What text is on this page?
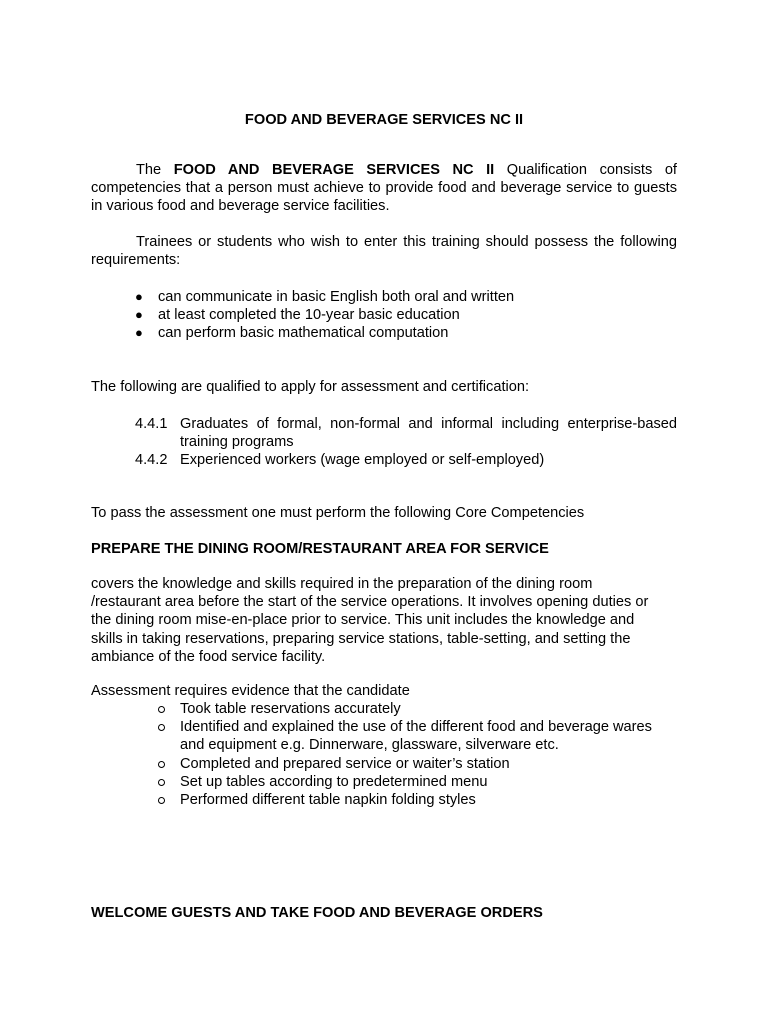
FOOD AND BEVERAGE SERVICES NC II

The FOOD AND BEVERAGE SERVICES NC II Qualification consists of competencies that a person must achieve to provide food and beverage service to guests in various food and beverage service facilities.

Trainees or students who wish to enter this training should possess the following requirements:

● can communicate in basic English both oral and written
● at least completed the 10-year basic education
● can perform basic mathematical computation

The following are qualified to apply for assessment and certification:

4.4.1 Graduates of formal, non-formal and informal including enterprise-based training programs
4.4.2 Experienced workers (wage employed or self-employed)

To pass the assessment one must perform the following Core Competencies

PREPARE THE DINING ROOM/RESTAURANT AREA FOR SERVICE

covers the knowledge and skills required in the preparation of the dining room /restaurant area before the start of the service operations. It involves opening duties or the dining room mise-en-place prior to service. This unit includes the knowledge and skills in taking reservations, preparing service stations, table-setting, and setting the ambiance of the food service facility.

Assessment requires evidence that the candidate

Took table reservations accurately
Identified and explained the use of the different food and beverage wares and equipment e.g. Dinnerware, glassware, silverware etc.
Completed and prepared service or waiter’s station
Set up tables according to predetermined menu
Performed different table napkin folding styles

WELCOME GUESTS AND TAKE FOOD AND BEVERAGE ORDERS
